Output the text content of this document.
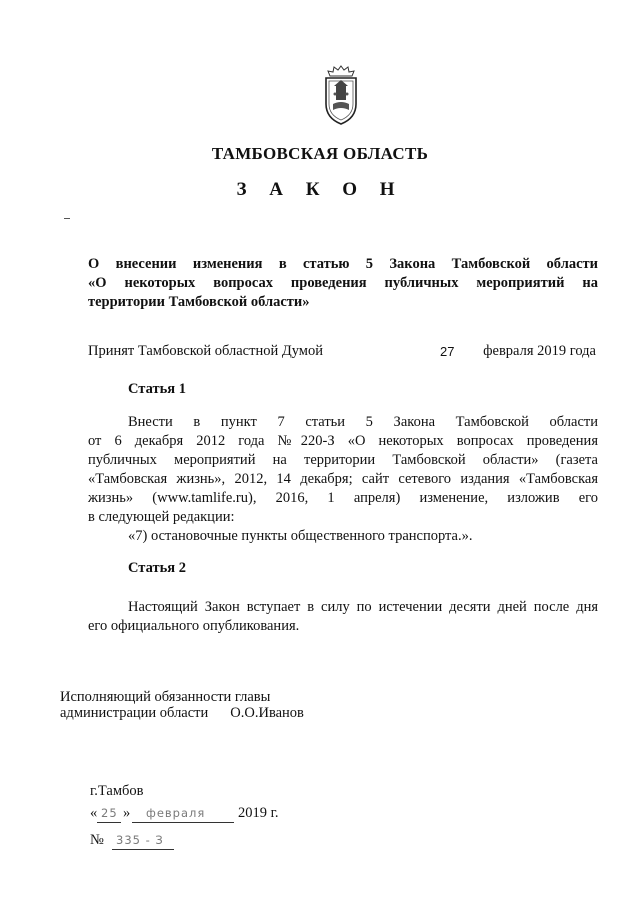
ТАМБОВСКАЯ ОБЛАСТЬ
З А К О Н
О внесении изменения в статью 5 Закона Тамбовской области
«О некоторых вопросах проведения публичных мероприятий на
территории Тамбовской области»
Принят Тамбовской областной Думой	27 февраля 2019 года
Статья 1
Внести в пункт 7 статьи 5 Закона Тамбовской области
от 6 декабря 2012 года №220-З «О некоторых вопросах проведения
публичных мероприятий на территории Тамбовской области» (газета
«Тамбовская жизнь», 2012, 14 декабря; сайт сетевого издания «Тамбовская
жизнь» (www.tamlife.ru), 2016, 1 апреля) изменение, изложив его
в следующей редакции:
«7) остановочные пункты общественного транспорта.».
Статья 2
Настоящий Закон вступает в силу по истечении десяти дней после дня
его официального опубликования.
Исполняющий обязанности главы
администрации области О.О.Иванов
г.Тамбов
« 25 » февраля 2019 г.
№ 335 - З
